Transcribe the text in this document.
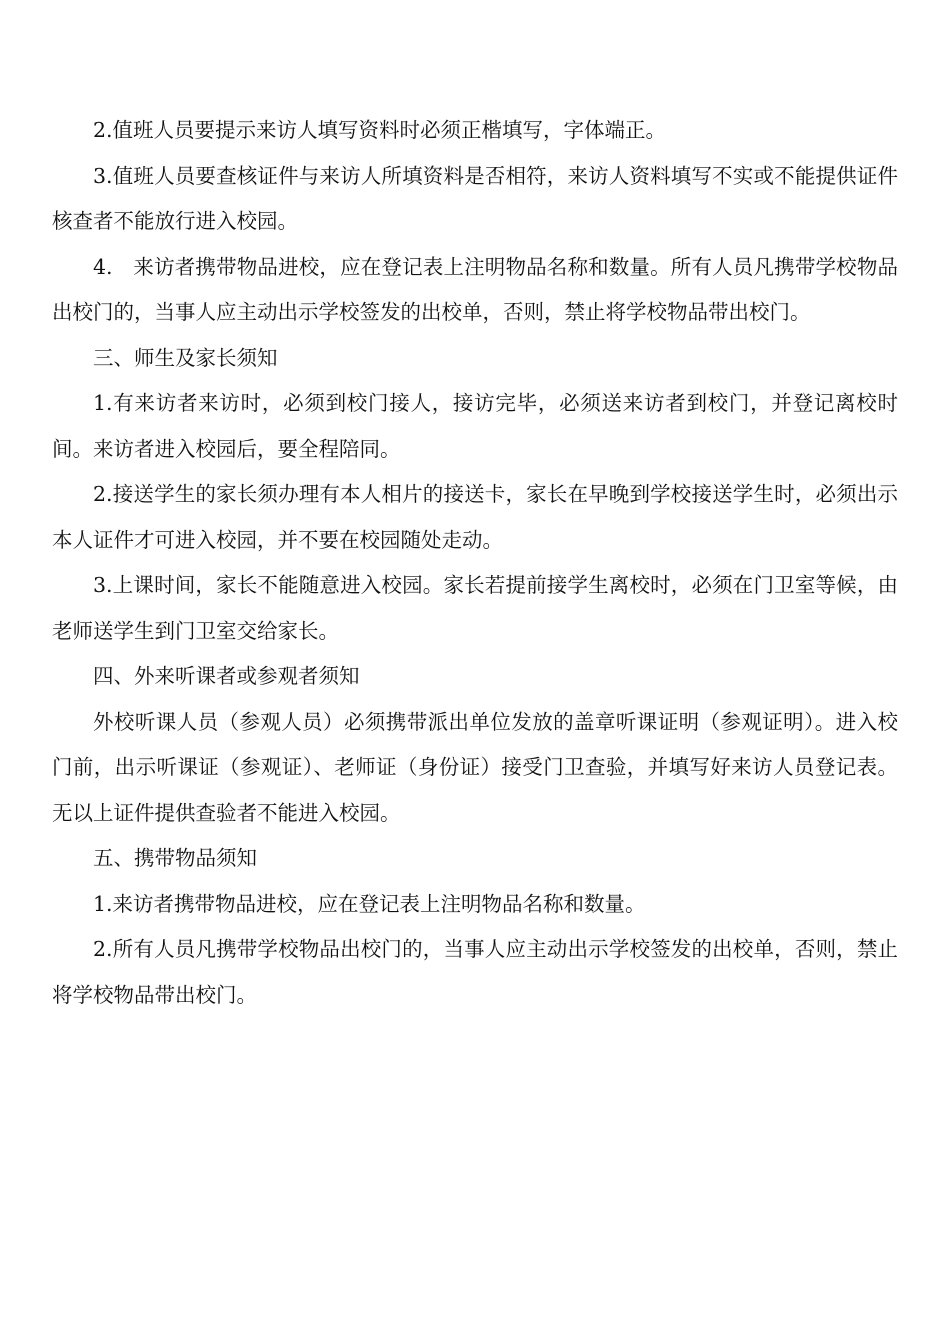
2.值班人员要提示来访人填写资料时必须正楷填写，字体端正。

3.值班人员要查核证件与来访人所填资料是否相符，来访人资料填写不实或不能提供证件核查者不能放行进入校园。

4.　来访者携带物品进校，应在登记表上注明物品名称和数量。所有人员凡携带学校物品出校门的，当事人应主动出示学校签发的出校单，否则，禁止将学校物品带出校门。

三、师生及家长须知

1.有来访者来访时，必须到校门接人，接访完毕，必须送来访者到校门，并登记离校时间。来访者进入校园后，要全程陪同。

2.接送学生的家长须办理有本人相片的接送卡，家长在早晚到学校接送学生时，必须出示本人证件才可进入校园，并不要在校园随处走动。

3.上课时间，家长不能随意进入校园。家长若提前接学生离校时，必须在门卫室等候，由老师送学生到门卫室交给家长。

四、外来听课者或参观者须知

外校听课人员（参观人员）必须携带派出单位发放的盖章听课证明（参观证明）。进入校门前，出示听课证（参观证）、老师证（身份证）接受门卫查验，并填写好来访人员登记表。无以上证件提供查验者不能进入校园。

五、携带物品须知

1.来访者携带物品进校，应在登记表上注明物品名称和数量。

2.所有人员凡携带学校物品出校门的，当事人应主动出示学校签发的出校单，否则，禁止将学校物品带出校门。
